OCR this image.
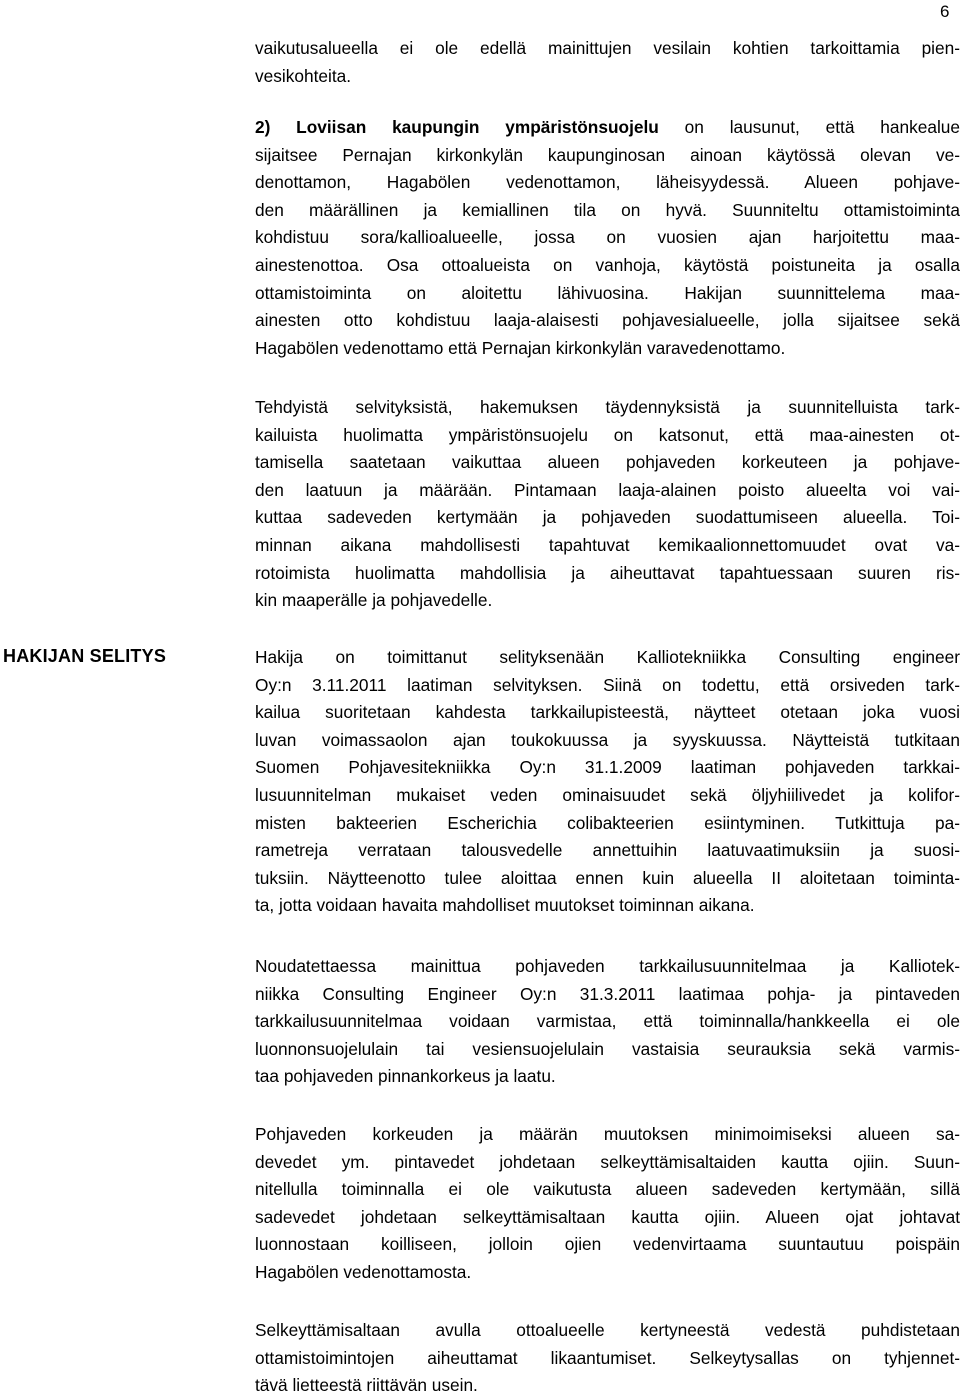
6
vaikutusalueella ei ole edellä mainittujen vesilain kohtien tarkoittamia pien-
vesikohteita.
2) Loviisan kaupungin ympäristönsuojelu on lausunut, että hankealue
sijaitsee Pernajan kirkonkylän kaupunginosan ainoan käytössä olevan ve-
denottamon, Hagabölen vedenottamon, läheisyydessä. Alueen pohjave-
den määrällinen ja kemiallinen tila on hyvä. Suunniteltu ottamistoiminta
kohdistuu sora/kallioalueelle, jossa on vuosien ajan harjoitettu maa-
ainestenottoa. Osa ottoalueista on vanhoja, käytöstä poistuneita ja osalla
ottamistoiminta on aloitettu lähivuosina. Hakijan suunnittelema maa-
ainesten otto kohdistuu laaja-alaisesti pohjavesialueelle, jolla sijaitsee sekä
Hagabölen vedenottamo että Pernajan kirkonkylän varavedenottamo.
Tehdyistä selvityksistä, hakemuksen täydennyksistä ja suunnitelluista tark-
kailuista huolimatta ympäristönsuojelu on katsonut, että maa-ainesten ot-
tamisella saatetaan vaikuttaa alueen pohjaveden korkeuteen ja pohjave-
den laatuun ja määrään. Pintamaan laaja-alainen poisto alueelta voi vai-
kuttaa sadeveden kertymään ja pohjaveden suodattumiseen alueella. Toi-
minnan aikana mahdollisesti tapahtuvat kemikaalionnettomuudet ovat va-
rotoimista huolimatta mahdollisia ja aiheuttavat tapahtuessaan suuren ris-
kin maaperälle ja pohjavedelle.
HAKIJAN SELITYS	Hakija on toimittanut selityksenään Kalliotekniikka Consulting engineer
Oy:n 3.11.2011 laatiman selvityksen. Siinä on todettu, että orsiveden tark-
kailua suoritetaan kahdesta tarkkailupisteestä, näytteet otetaan joka vuosi
luvan voimassaolon ajan toukokuussa ja syyskuussa. Näytteistä tutkitaan
Suomen Pohjavesitekniikka Oy:n 31.1.2009 laatiman pohjaveden tarkkai-
lusuunnitelman mukaiset veden ominaisuudet sekä öljyhiilivedet ja kolifor-
misten bakteerien Escherichia colibakteerien esiintyminen. Tutkittuja pa-
rametreja verrataan talousvedelle annettuihin laatuvaatimuksiin ja suosi-
tuksiin. Näytteenotto tulee aloittaa ennen kuin alueella II aloitetaan toiminta-
ta, jotta voidaan havaita mahdolliset muutokset toiminnan aikana.
Noudatettaessa mainittua pohjaveden tarkkailusuunnitelmaa ja Kalliotek-
niikka Consulting Engineer Oy:n 31.3.2011 laatimaa pohja- ja pintaveden
tarkkailusuunnitelmaa voidaan varmistaa, että toiminnalla/hankkeella ei ole
luonnonsuojelulain tai vesiensuojelulain vastaisia seurauksia sekä varmis-
taa pohjaveden pinnankorkeus ja laatu.
Pohjaveden korkeuden ja määrän muutoksen minimoimiseksi alueen sa-
devedet ym. pintavedet johdetaan selkeyttämisaltaiden kautta ojiin. Suun-
nitellulla toiminnalla ei ole vaikutusta alueen sadeveden kertymään, sillä
sadevedet johdetaan selkeyttämisaltaan kautta ojiin. Alueen ojat johtavat
luonnostaan koilliseen, jolloin ojien vedenvirtaama suuntautuu poispäin
Hagabölen vedenottamosta.
Selkeyttämisaltaan avulla ottoalueelle kertyneestä vedestä puhdistetaan
ottamistoimintojen aiheuttamat likaantumiset. Selkeytysallas on tyhjennet-
tävä lietteestä riittävän usein.
